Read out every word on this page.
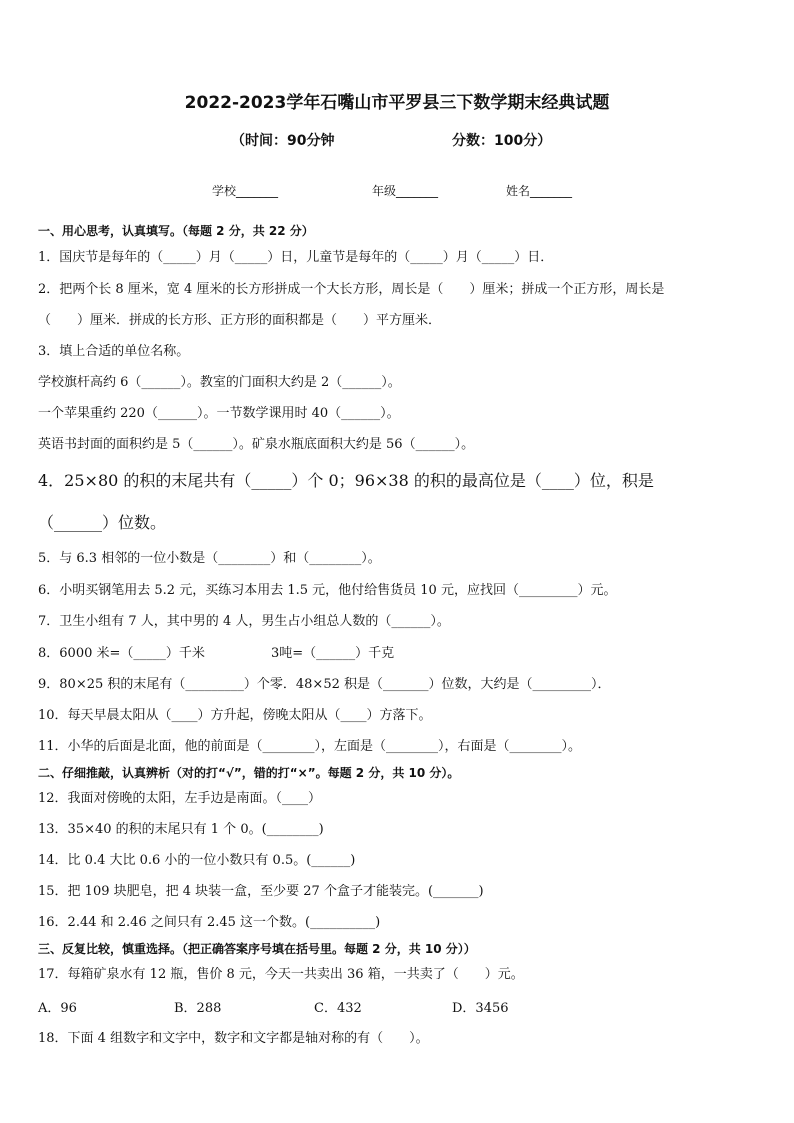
2022-2023学年石嘴山市平罗县三下数学期末经典试题
（时间：90分钟	分数：100分）
学校_______	年级_______	姓名_______
一、用心思考，认真填写。（每题 2 分，共 22 分）
1．国庆节是每年的（_____）月（_____）日，儿童节是每年的（_____）月（_____）日．
2．把两个长 8 厘米，宽 4 厘米的长方形拼成一个大长方形，周长是（　　）厘米；拼成一个正方形，周长是
（　　）厘米．拼成的长方形、正方形的面积都是（　　）平方厘米．
3．填上合适的单位名称。
学校旗杆高约 6（______）。教室的门面积大约是 2（______）。
一个苹果重约 220（______）。一节数学课用时 40（______）。
英语书封面的面积约是 5（______）。矿泉水瓶底面积大约是 56（______）。
4．25×80 的积的末尾共有（_____）个 0；96×38 的积的最高位是（____）位，积是
（______）位数。
5．与 6.3 相邻的一位小数是（________）和（________）。
6．小明买钢笔用去 5.2 元，买练习本用去 1.5 元，他付给售货员 10 元，应找回（_________）元。
7．卫生小组有 7 人，其中男的 4 人，男生占小组总人数的（______）。
8．6000 米=（_____）千米	3吨=（______）千克
9．80×25 积的末尾有（_________）个零．48×52 积是（_______）位数，大约是（_________）．
10．每天早晨太阳从（____）方升起，傍晚太阳从（____）方落下。
11．小华的后面是北面，他的前面是（________），左面是（________），右面是（________）。
二、仔细推敲，认真辨析（对的打“√”，错的打“×”。每题 2 分，共 10 分）。
12．我面对傍晚的太阳，左手边是南面。（____）
13．35×40 的积的末尾只有 1 个 0。(________)
14．比 0.4 大比 0.6 小的一位小数只有 0.5。(______)
15．把 109 块肥皂，把 4 块装一盒，至少要 27 个盒子才能装完。(_______)
16．2.44 和 2.46 之间只有 2.45 这一个数。(__________)
三、反复比较，慎重选择。（把正确答案序号填在括号里。每题 2 分，共 10 分））
17．每箱矿泉水有 12 瓶，售价 8 元，今天一共卖出 36 箱，一共卖了（　　）元。
A．96	B．288	C．432	D．3456
18．下面 4 组数字和文字中，数字和文字都是轴对称的有（　　）。
